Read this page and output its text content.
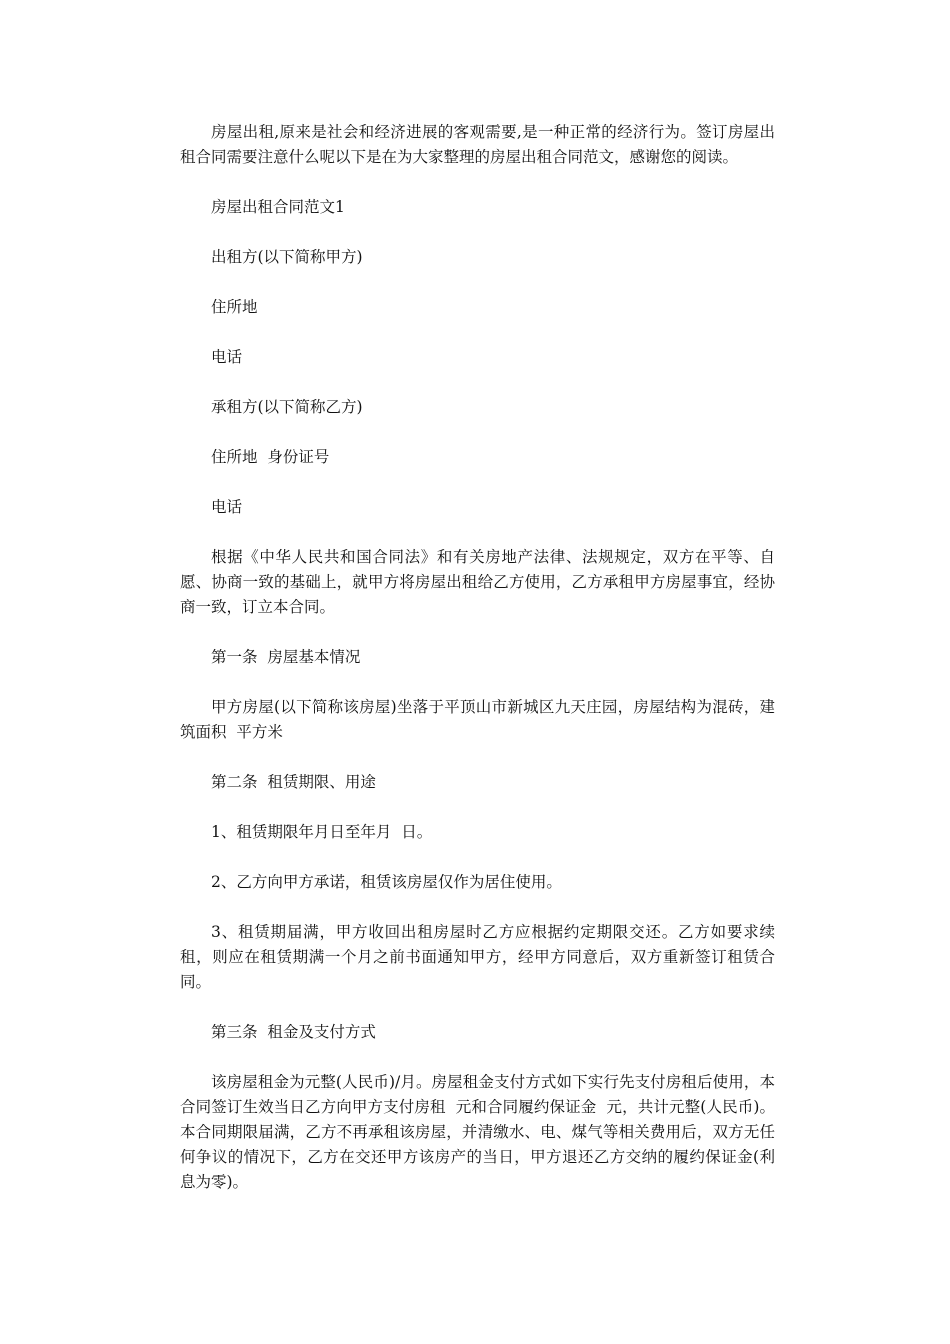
房屋出租,原来是社会和经济进展的客观需要,是一种正常的经济行为。签订房屋出租合同需要注意什么呢以下是在为大家整理的房屋出租合同范文，感谢您的阅读。

房屋出租合同范文1

出租方(以下简称甲方)

住所地

电话

承租方(以下简称乙方)

住所地  身份证号

电话

根据《中华人民共和国合同法》和有关房地产法律、法规规定，双方在平等、自愿、协商一致的基础上，就甲方将房屋出租给乙方使用，乙方承租甲方房屋事宜，经协商一致，订立本合同。

第一条  房屋基本情况

甲方房屋(以下简称该房屋)坐落于平顶山市新城区九天庄园，房屋结构为混砖，建筑面积  平方米

第二条  租赁期限、用途

1、租赁期限年月日至年月  日。

2、乙方向甲方承诺，租赁该房屋仅作为居住使用。

3、租赁期届满，甲方收回出租房屋时乙方应根据约定期限交还。乙方如要求续租，则应在租赁期满一个月之前书面通知甲方，经甲方同意后，双方重新签订租赁合同。

第三条  租金及支付方式

该房屋租金为元整(人民币)/月。房屋租金支付方式如下实行先支付房租后使用，本合同签订生效当日乙方向甲方支付房租  元和合同履约保证金  元，共计元整(人民币)。本合同期限届满，乙方不再承租该房屋，并清缴水、电、煤气等相关费用后，双方无任何争议的情况下，乙方在交还甲方该房产的当日，甲方退还乙方交纳的履约保证金(利息为零)。
